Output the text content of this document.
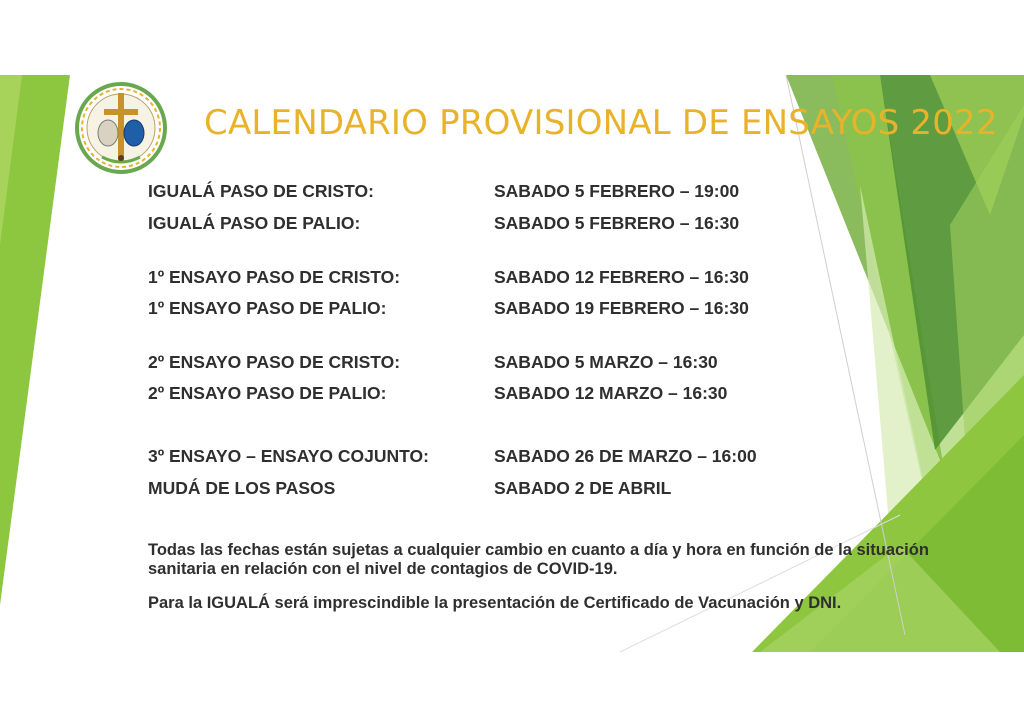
CALENDARIO PROVISIONAL DE ENSAYOS 2022
IGUALÁ PASO DE CRISTO:	SABADO 5 FEBRERO – 19:00
IGUALÁ PASO DE PALIO:	SABADO 5 FEBRERO – 16:30
1º ENSAYO PASO DE CRISTO:	SABADO 12 FEBRERO – 16:30
1º ENSAYO PASO DE PALIO:	SABADO 19 FEBRERO – 16:30
2º ENSAYO PASO DE CRISTO:	SABADO 5 MARZO – 16:30
2º ENSAYO PASO DE PALIO:	SABADO 12 MARZO – 16:30
3º ENSAYO – ENSAYO COJUNTO:	SABADO 26 DE MARZO – 16:00
MUDÁ DE LOS PASOS	SABADO 2 DE ABRIL
Todas las fechas están sujetas a cualquier cambio en cuanto a día y hora en función de la situación sanitaria en relación con el nivel de contagios de COVID-19.
Para la IGUALÁ será imprescindible la presentación de Certificado de Vacunación y DNI.
